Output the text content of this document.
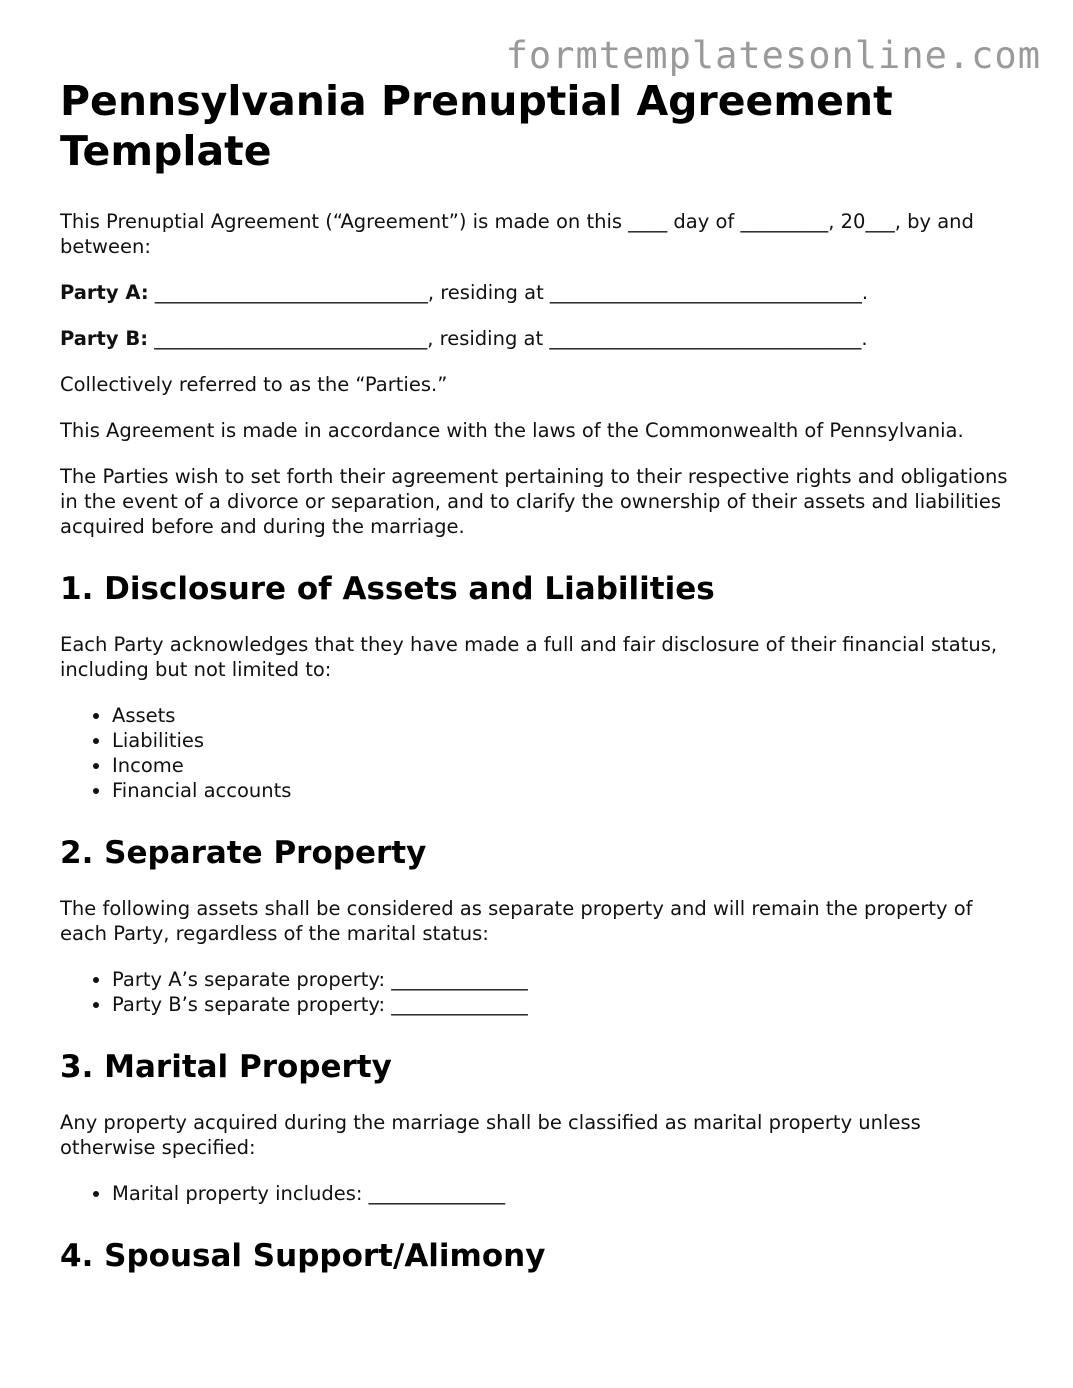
formtemplatesonline.com
Pennsylvania Prenuptial Agreement Template

This Prenuptial Agreement (“Agreement”) is made on this ____ day of _________, 20___, by and between:

Party A: ____________________________, residing at ________________________________.

Party B: ____________________________, residing at ________________________________.

Collectively referred to as the “Parties.”

This Agreement is made in accordance with the laws of the Commonwealth of Pennsylvania.

The Parties wish to set forth their agreement pertaining to their respective rights and obligations in the event of a divorce or separation, and to clarify the ownership of their assets and liabilities acquired before and during the marriage.

1. Disclosure of Assets and Liabilities

Each Party acknowledges that they have made a full and fair disclosure of their financial status, including but not limited to:

• Assets
• Liabilities
• Income
• Financial accounts
2. Separate Property

The following assets shall be considered as separate property and will remain the property of each Party, regardless of the marital status:

• Party A’s separate property: ______________
• Party B’s separate property: ______________
3. Marital Property

Any property acquired during the marriage shall be classified as marital property unless otherwise specified:

• Marital property includes: ______________
4. Spousal Support/Alimony
